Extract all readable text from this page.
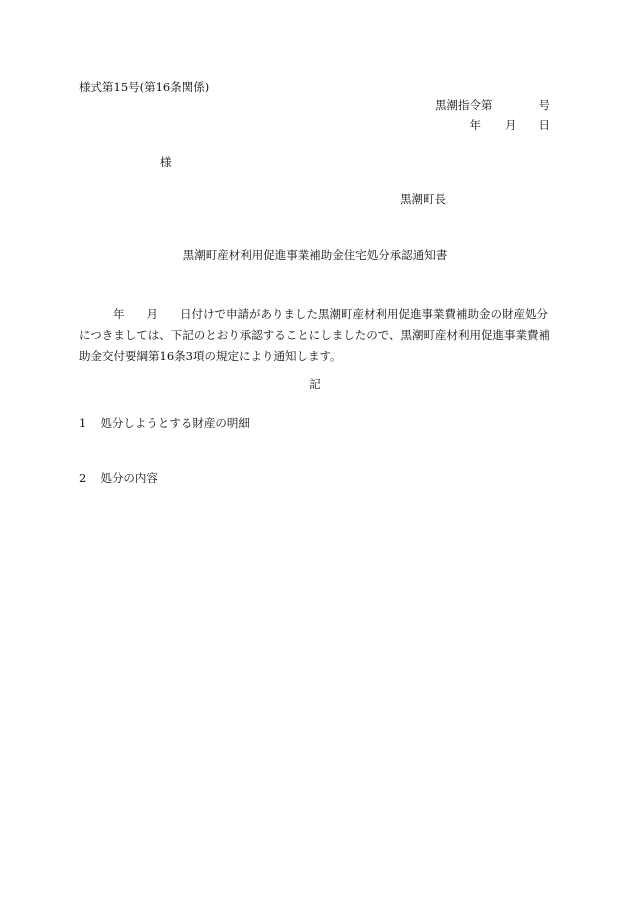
様式第15号(第16条関係)
黒潮指令第	号
年 月 日
様
黒潮町長
黒潮町産材利用促進事業補助金住宅処分承認通知書
年 月 日付けで申請がありました黒潮町産材利用促進事業費補助金の財産処分につきましては、下記のとおり承認することにしましたので、黒潮町産材利用促進事業費補助金交付要綱第16条3項の規定により通知します。
記
1 処分しようとする財産の明細
2 処分の内容
